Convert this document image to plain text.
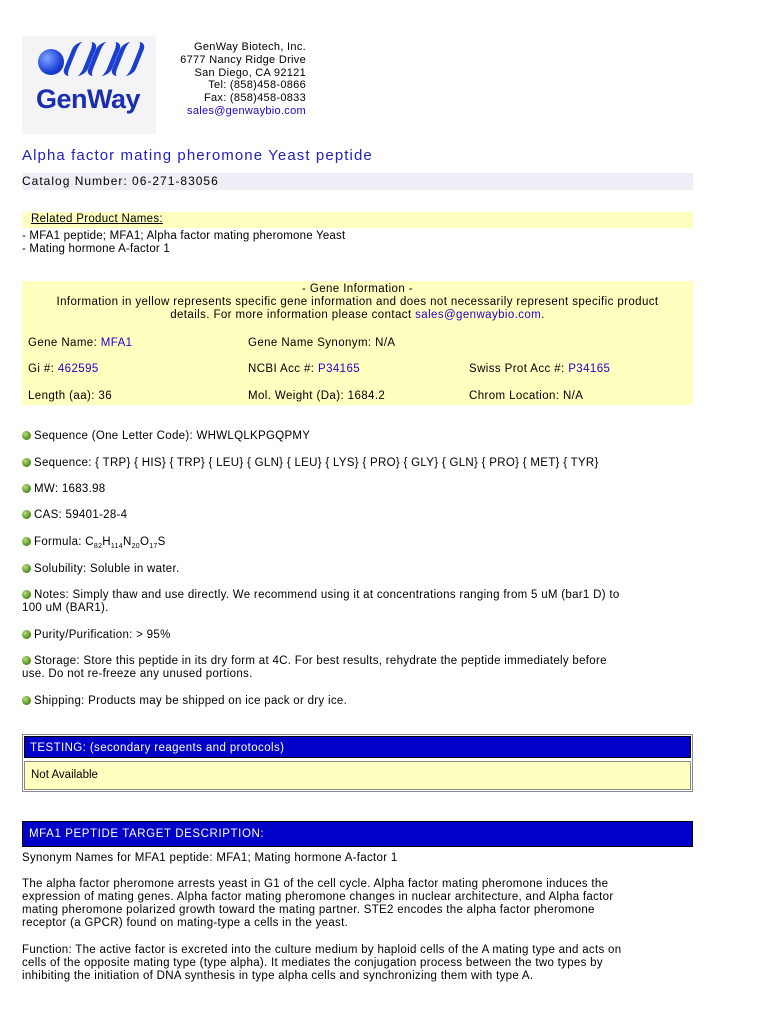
GenWay
GenWay Biotech, Inc.
6777 Nancy Ridge Drive
San Diego, CA 92121
Tel: (858)458-0866
Fax: (858)458-0833
sales@genwaybio.com
Alpha factor mating pheromone Yeast peptide
Catalog Number: 06-271-83056
Related Product Names:
- MFA1 peptide; MFA1; Alpha factor mating pheromone Yeast
- Mating hormone A-factor 1
- Gene Information -
Information in yellow represents specific gene information and does not necessarily represent specific product
details. For more information please contact sales@genwaybio.com.
Gene Name: MFA1	Gene Name Synonym: N/A
Gi #: 462595	NCBI Acc #: P34165	Swiss Prot Acc #: P34165
Length (aa): 36	Mol. Weight (Da): 1684.2	Chrom Location: N/A
Sequence (One Letter Code): WHWLQLKPGQPMY
Sequence: { TRP} { HIS} { TRP} { LEU} { GLN} { LEU} { LYS} { PRO} { GLY} { GLN} { PRO} { MET} { TYR}
MW: 1683.98
CAS: 59401-28-4
Formula: $C_{82}H_{114}N_{20}O_{17}S$
Solubility: Soluble in water.
Notes: Simply thaw and use directly. We recommend using it at concentrations ranging from 5 uM (bar1 D) to
100 uM (BAR1).
Purity/Purification: > 95%
Storage: Store this peptide in its dry form at 4C. For best results, rehydrate the peptide immediately before
use. Do not re-freeze any unused portions.
Shipping: Products may be shipped on ice pack or dry ice.
TESTING: (secondary reagents and protocols)
Not Available
MFA1 PEPTIDE TARGET DESCRIPTION:
Synonym Names for MFA1 peptide: MFA1; Mating hormone A-factor 1
The alpha factor pheromone arrests yeast in G1 of the cell cycle. Alpha factor mating pheromone induces the
expression of mating genes. Alpha factor mating pheromone changes in nuclear architecture, and Alpha factor
mating pheromone polarized growth toward the mating partner. STE2 encodes the alpha factor pheromone
receptor (a GPCR) found on mating-type a cells in the yeast.
Function: The active factor is excreted into the culture medium by haploid cells of the A mating type and acts on
cells of the opposite mating type (type alpha). It mediates the conjugation process between the two types by
inhibiting the initiation of DNA synthesis in type alpha cells and synchronizing them with type A.
